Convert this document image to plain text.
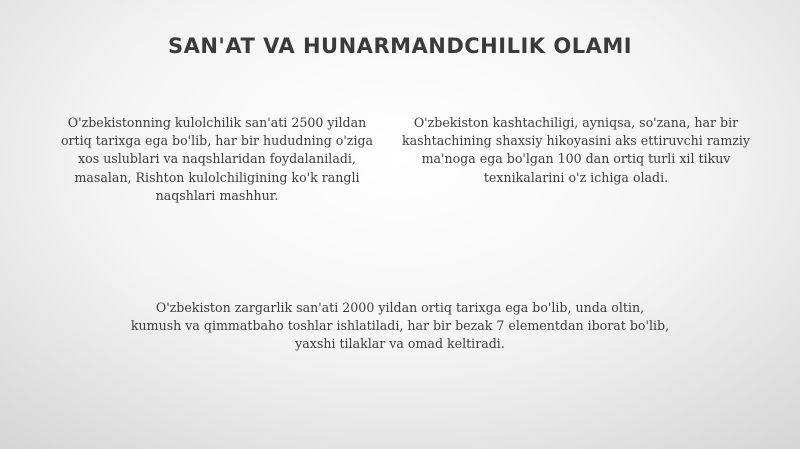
SAN'AT VA HUNARMANDCHILIK OLAMI

O'zbekistonning kulolchilik san'ati 2500 yildan ortiq tarixga ega bo'lib, har bir hududning o'ziga xos uslublari va naqshlaridan foydalaniladi, masalan, Rishton kulolchiligining ko'k rangli naqshlari mashhur.

O'zbekiston kashtachiligi, ayniqsa, so'zana, har bir kashtachining shaxsiy hikoyasini aks ettiruvchi ramziy ma'noga ega bo'lgan 100 dan ortiq turli xil tikuv texnikalarini o'z ichiga oladi.

O'zbekiston zargarlik san'ati 2000 yildan ortiq tarixga ega bo'lib, unda oltin, kumush va qimmatbaho toshlar ishlatiladi, har bir bezak 7 elementdan iborat bo'lib, yaxshi tilaklar va omad keltiradi.
